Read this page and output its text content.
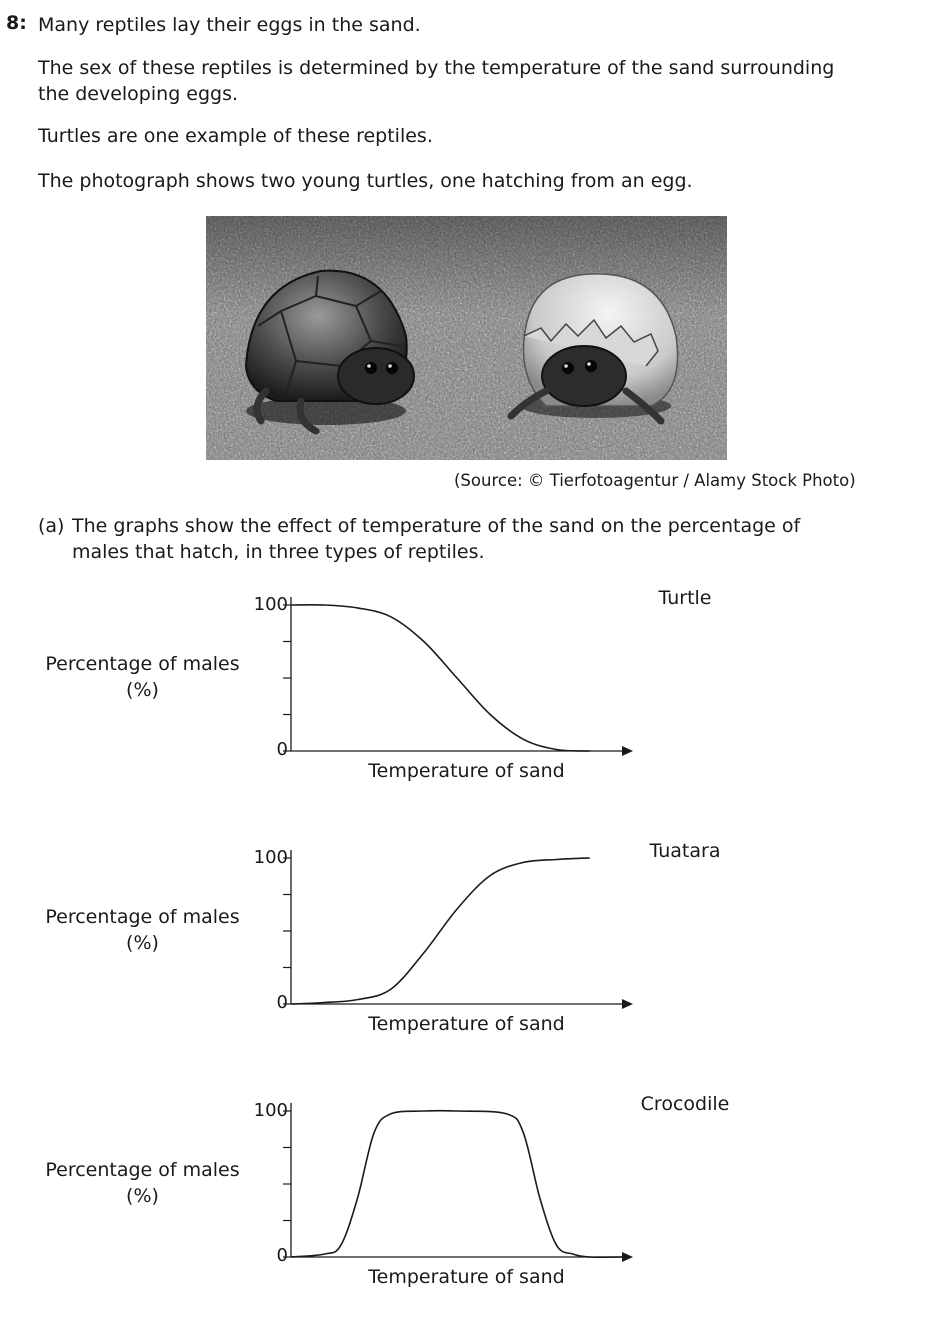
8: Many reptiles lay their eggs in the sand.
The sex of these reptiles is determined by the temperature of the sand surrounding the developing eggs.
Turtles are one example of these reptiles.
The photograph shows two young turtles, one hatching from an egg.
(Source: © Tierfotoagentur / Alamy Stock Photo)
(a) The graphs show the effect of temperature of the sand on the percentage of males that hatch, in three types of reptiles.
Turtle
Percentage of males (%)
100
0
Temperature of sand
Tuatara
Percentage of males (%)
100
0
Temperature of sand
Crocodile
Percentage of males (%)
100
0
Temperature of sand
